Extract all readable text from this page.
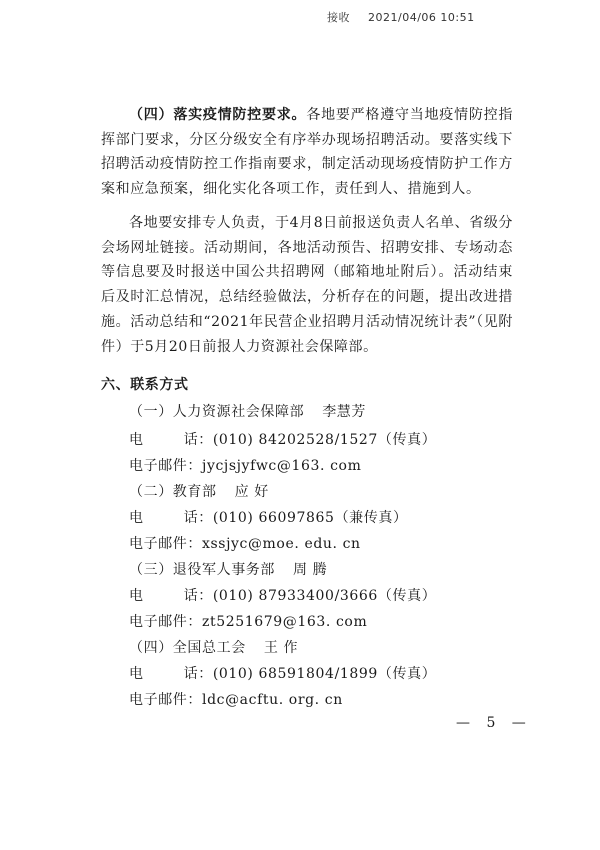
接收 2021/04/06 10:51

（四）落实疫情防控要求。各地要严格遵守当地疫情防控指挥部门要求，分区分级安全有序举办现场招聘活动。要落实线下招聘活动疫情防控工作指南要求，制定活动现场疫情防护工作方案和应急预案，细化实化各项工作，责任到人、措施到人。

各地要安排专人负责，于4月8日前报送负责人名单、省级分会场网址链接。活动期间，各地活动预告、招聘安排、专场动态等信息要及时报送中国公共招聘网（邮箱地址附后）。活动结束后及时汇总情况，总结经验做法，分析存在的问题，提出改进措施。活动总结和“2021年民营企业招聘月活动情况统计表”（见附件）于5月20日前报人力资源社会保障部。

六、联系方式
（一）人力资源社会保障部 李慧芳
电	话：(010) 84202528/1527（传真）
电子邮件：jycjsjyfwc@163. com
（二）教育部 应 好
电	话：(010) 66097865（兼传真）
电子邮件：xssjyc@moe. edu. cn
（三）退役军人事务部 周 腾
电	话：(010) 87933400/3666（传真）
电子邮件：zt5251679@163. com
（四）全国总工会 王 作
电	话：(010) 68591804/1899（传真）
电子邮件：ldc@acftu. org. cn
— 5 —
